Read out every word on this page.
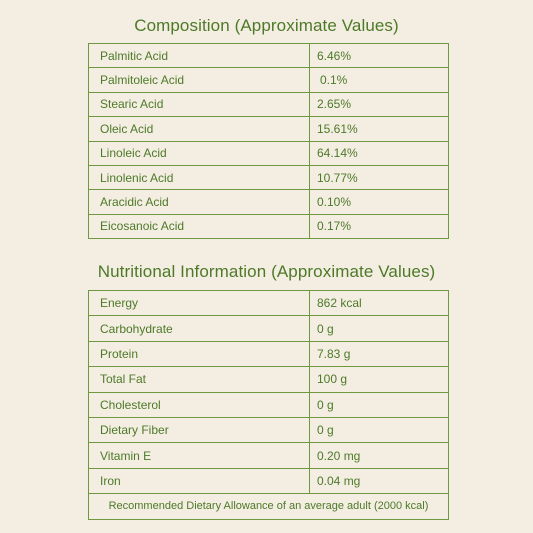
Composition (Approximate Values)
Palmitic Acid	6.46%
Palmitoleic Acid	0.1%
Stearic Acid	2.65%
Oleic Acid	15.61%
Linoleic Acid	64.14%
Linolenic Acid	10.77%
Aracidic Acid	0.10%
Eicosanoic Acid	0.17%
Nutritional Information (Approximate Values)
Energy	862 kcal
Carbohydrate	0 g
Protein	7.83 g
Total Fat	100 g
Cholesterol	0 g
Dietary Fiber	0 g
Vitamin E	0.20 mg
Iron	0.04 mg
Recommended Dietary Allowance of an average adult (2000 kcal)	
